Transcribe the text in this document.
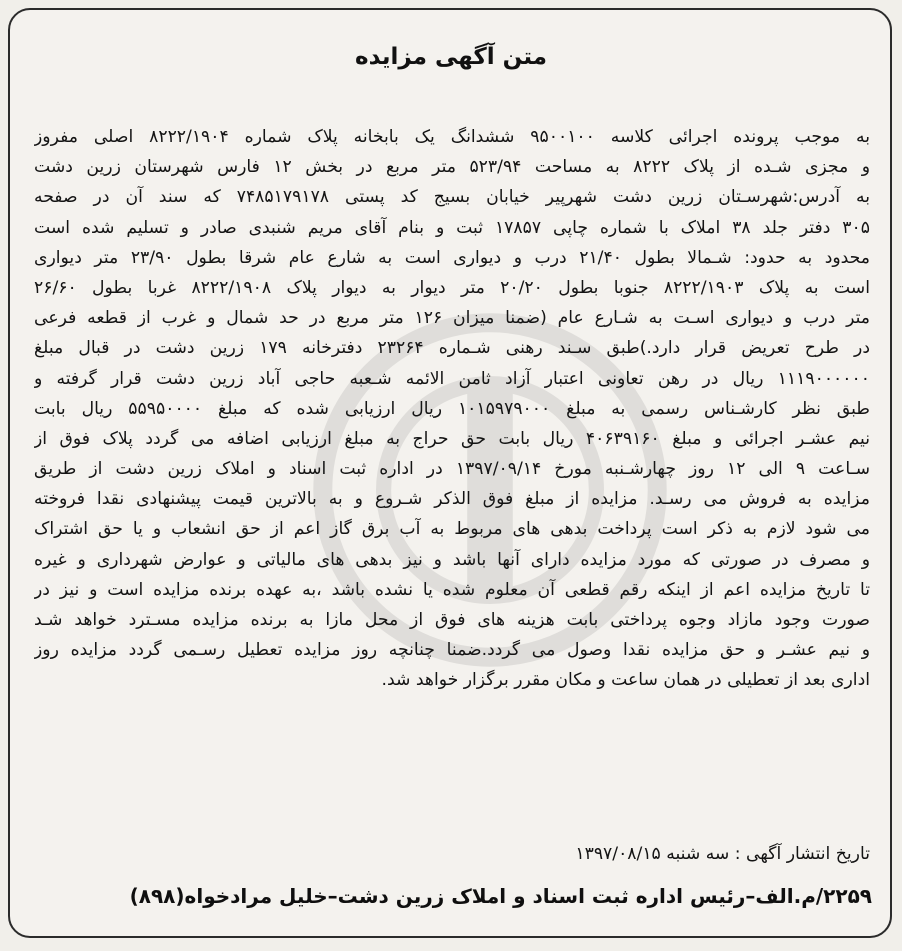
متن آگهی مزایده
به موجب پرونده اجرائی کلاسه ۹۵۰۰۱۰۰ ششدانگ یک بابخانه پلاک شماره ۸۲۲۲/۱۹۰۴ اصلی مفروز
و مجزی شـده از پلاک ۸۲۲۲ به مساحت ۵۲۳/۹۴ متر مربع در بخش ۱۲ فارس شهرستان زرین دشت
به آدرس:شهرسـتان زرین دشت شهرپیر خیابان بسیج کد پستی ۷۴۸۵۱۷۹۱۷۸ که سند آن در صفحه
۳۰۵ دفتر جلد ۳۸ املاک با شماره چاپی ۱۷۸۵۷ ثبت و بنام آقای مریم شنبدی صادر و تسلیم شده است
محدود به حدود: شـمالا بطول ۲۱/۴۰ درب و دیواری است به شارع عام شرقا بطول ۲۳/۹۰ متر دیواری
است به پلاک ۸۲۲۲/۱۹۰۳ جنوبا بطول ۲۰/۲۰ متر دیوار به دیوار پلاک ۸۲۲۲/۱۹۰۸ غربا بطول ۲۶/۶۰
متر درب و دیواری اسـت به شـارع عام (ضمنا میزان ۱۲۶ متر مربع در حد شمال و غرب از قطعه فرعی
در طرح تعریض قرار دارد.)طبق سـند رهنی شـماره ۲۳۲۶۴ دفترخانه ۱۷۹ زرین دشت در قبال مبلغ
۱۱۱۹۰۰۰۰۰۰ ریال در رهن تعاونی اعتبار آزاد ثامن الائمه شـعبه حاجی آباد زرین دشت قرار گرفته و
طبق نظر کارشـناس رسمی به مبلغ ۱۰۱۵۹۷۹۰۰۰ ریال ارزیابی شده که مبلغ ۵۵۹۵۰۰۰۰ ریال بابت
نیم عشـر اجرائی و مبلغ ۴۰۶۳۹۱۶۰ ریال بابت حق حراج به مبلغ ارزیابی اضافه می گردد پلاک فوق از
سـاعت ۹ الی ۱۲ روز چهارشـنبه مورخ ۱۳۹۷/۰۹/۱۴ در اداره ثبت اسناد و املاک زرین دشت از طریق
مزایده به فروش می رسـد. مزایده از مبلغ فوق الذکر شـروع و به بالاترین قیمت پیشنهادی نقدا فروخته
می شود لازم به ذکر است پرداخت بدهی های مربوط به آب برق گاز اعم از حق انشعاب و یا حق اشتراک
و مصرف در صورتی که مورد مزایده دارای آنها باشد و نیز بدهی های مالیاتی و عوارض شهرداری و غیره
تا تاریخ مزایده اعم از اینکه رقم قطعی آن معلوم شده یا نشده باشد ،به عهده برنده مزایده است و نیز در
صورت وجود مازاد وجوه پرداختی بابت هزینه های فوق از محل مازا به برنده مزایده مسـترد خواهد شـد
و نیم عشـر و حق مزایده نقدا وصول می گردد.ضمنا چنانچه روز مزایده تعطیل رسـمی گردد مزایده روز
اداری بعد از تعطیلی در همان ساعت و مکان مقرر برگزار خواهد شد.
تاریخ انتشار آگهی : سه شنبه ۱۳۹۷/۰۸/۱۵
۲۲۵۹/م.الف–رئیس اداره ثبت اسناد و املاک زرین دشت–خلیل مرادخواه(۸۹۸)
